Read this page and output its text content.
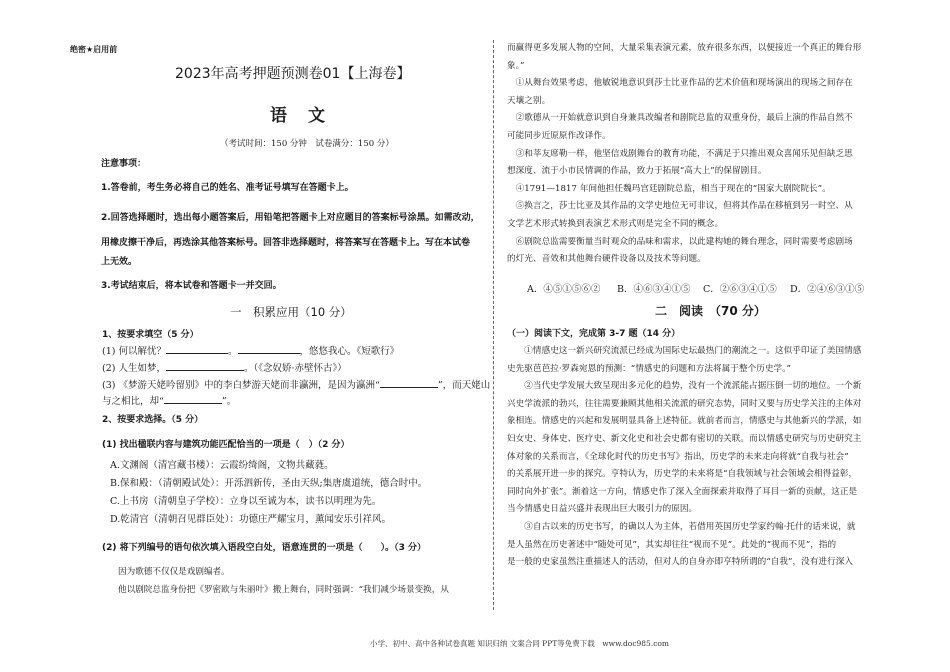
绝密★启用前
2023年高考押题预测卷01【上海卷】
语　文
（考试时间：150 分钟　试卷满分：150 分）
注意事项：
1.答卷前，考生务必将自己的姓名、准考证号填写在答题卡上。
2.回答选择题时，选出每小题答案后，用铅笔把答题卡上对应题目的答案标号涂黑。如需改动，
用橡皮擦干净后，再选涂其他答案标号。回答非选择题时，将答案写在答题卡上。写在本试卷
上无效。
3.考试结束后，将本试卷和答题卡一并交回。
一　积累应用（10 分）
1、按要求填空（5 分）
(1) 何以解忧？	。	，悠悠我心。《短歌行》
(2) 人生如梦，	。（《念奴娇·赤壁怀古》）
(3) 《梦游天姥吟留别》中的李白梦游天姥而非瀛洲，是因为瀛洲“	”，而天姥山
与之相比，却“	”。
2、按要求选择。（5 分）
(1) 找出楹联内容与建筑功能匹配恰当的一项是（　）（2 分）
A.文渊阁（清宫藏书楼）：云霞纷绮阁，文物共藏蕤。
B.保和殿：（清朝殿试处）：开泺泗新传，圣由天纵;集唐虞道统，德合时中。
C.上书房（清朝皇子学校）：立身以至诚为本，读书以明理为先。
D.乾清宫（清朝召见群臣处）：功德庄严耀宝月，薰闻安乐引祥风。
(2) 将下列编号的语句依次填入语段空白处，语意连贯的一项是（　　）。（3 分）
因为歌德不仅仅是戏剧编者。
他以剧院总监身份把《罗密欧与朱丽叶》搬上舞台，同时强调：“我们减少场景变换，从
而赢得更多发展人物的空间，大量采集表演元素，放弃很多东西，以便接近一个真正的舞台形
象。”
　①从舞台效果考虑，他敏锐地意识到莎士比亚作品的艺术价值和现场演出的现场之间存在
天壤之别。
　②歌德从一开始就意识到自身兼具改编者和剧院总监的双重身份，最后上演的作品自然不
可能同步近原原作改译作。
　③和莘友席勒一样，他坚信戏剧舞台的教育功能，不满足于只推出观众喜闻乐见但缺乏思
想深度、流于小市民情调的作品，致力于拓展“高大上”的保留剧目。
　④1791—1817 年间他担任魏玛宫廷剧院总监，相当于现在的“国家大剧院院长”。
　⑤换言之，莎士比亚及其作品的文学史地位无可非议，但将其作品在移植到另一时空、从
文学艺术形式转换到表演艺术形式则是完全不同的概念。
　⑥剧院总监需要衡量当时观众的品味和需求，以此建构她的舞台理念，同时需要考虑剧场
的灯光、音效和其他舞台硬件设备以及技术等问题。
A．④⑤①⑤⑥② B．④⑥③④①⑤ C．②⑥③④①⑤ D．②④⑥③①⑤
二　阅读　（70 分）
（一）阅读下文，完成第 3-7 题（14 分）
　　①情感史这一新兴研究流派已经成为国际史坛最热门的潮流之一。这似乎印证了美国情感
史先驱芭芭拉·罗森宛恩的预测：“情感史的问题和方法将属于整个历史学。”
　　②当代史学发展大致呈现出多元化的趋势，没有一个流派能占据压倒一切的地位。一个新
兴史学流派的勃兴，往往需要兼顾其他相关流派的研究态势，同时又要与历史学关注的主体对
象相连。情感史的兴起和发展明显具备上述特征。就前者而言，情感史与其他新兴的学派，如
妇女史、身体史、医疗史、新文化史和社会史都有密切的关联。而以情感史研究与历史研究主
体对象的关系而言，《全球化时代的历史书写》指出，历史学的未来走向将就“自我与社会”
的关系展开进一步的探究。亨特认为，历史学的未来将是“自我领域与社会领域会相得益彰，
同时向外扩张”。渐着这一方向，情感史作了深入全面探索并取得了耳目一新的贡献，这正是
当今情感史日益兴盛并表现出巨大吸引力的原因。
　　③自古以来的历史书写，的确以人为主体，若借用英国历史学家约翰·托什的话来说，就
是人虽然在历史著述中“随处可见”，其实却往往“视而不见”。此处的“视而不见”，指的
是一般的史家虽然注重描述人的活动，但对人的自身亦即亨特所谓的“自我”，没有进行深入
小学、初中、高中各种试卷真题 知识归纳 文案合同 PPT等免费下载　www.doc985.com
